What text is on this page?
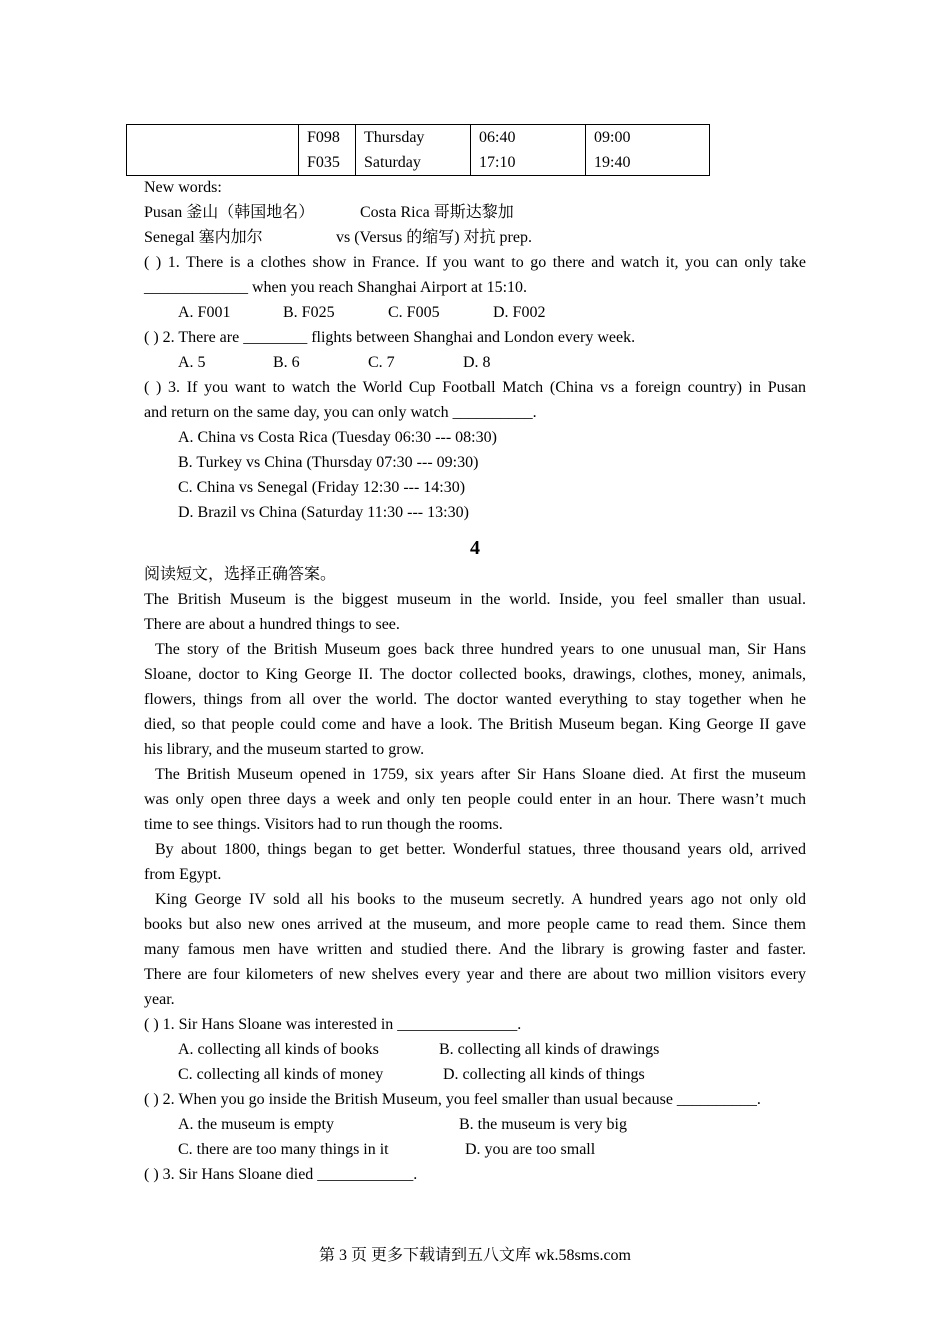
	F098	Thursday	06:40	09:00
	F035	Saturday	17:10	19:40
New words:
Pusan 釜山（韩国地名）	Costa Rica 哥斯达黎加
Senegal 塞内加尔	vs (Versus 的缩写) 对抗 prep.
( ) 1. There is a clothes show in France. If you want to go there and watch it, you can only take
_____________ when you reach Shanghai Airport at 15:10.
A. F001	B. F025	C. F005	D. F002
( ) 2. There are ________ flights between Shanghai and London every week.
A. 5	B. 6	C. 7	D. 8
( ) 3. If you want to watch the World Cup Football Match (China vs a foreign country) in Pusan
and return on the same day, you can only watch __________.
A. China vs Costa Rica (Tuesday 06:30 --- 08:30)
B. Turkey vs China (Thursday 07:30 --- 09:30)
C. China vs Senegal (Friday 12:30 --- 14:30)
D. Brazil vs China (Saturday 11:30 --- 13:30)
4
阅读短文，选择正确答案。
The British Museum is the biggest museum in the world. Inside, you feel smaller than usual.
There are about a hundred things to see.
The story of the British Museum goes back three hundred years to one unusual man, Sir Hans
Sloane, doctor to King George II. The doctor collected books, drawings, clothes, money, animals,
flowers, things from all over the world. The doctor wanted everything to stay together when he
died, so that people could come and have a look. The British Museum began. King George II gave
his library, and the museum started to grow.
The British Museum opened in 1759, six years after Sir Hans Sloane died. At first the museum
was only open three days a week and only ten people could enter in an hour. There wasn’t much
time to see things. Visitors had to run though the rooms.
By about 1800, things began to get better. Wonderful statues, three thousand years old, arrived
from Egypt.
King George IV sold all his books to the museum secretly. A hundred years ago not only old
books but also new ones arrived at the museum, and more people came to read them. Since them
many famous men have written and studied there. And the library is growing faster and faster.
There are four kilometers of new shelves every year and there are about two million visitors every
year.
( ) 1. Sir Hans Sloane was interested in _______________.
A. collecting all kinds of books	B. collecting all kinds of drawings
C. collecting all kinds of money	D. collecting all kinds of things
( ) 2. When you go inside the British Museum, you feel smaller than usual because __________.
A. the museum is empty	B. the museum is very big
C. there are too many things in it	D. you are too small
( ) 3. Sir Hans Sloane died ____________.
第 3 页 更多下载请到五八文库 wk.58sms.com
